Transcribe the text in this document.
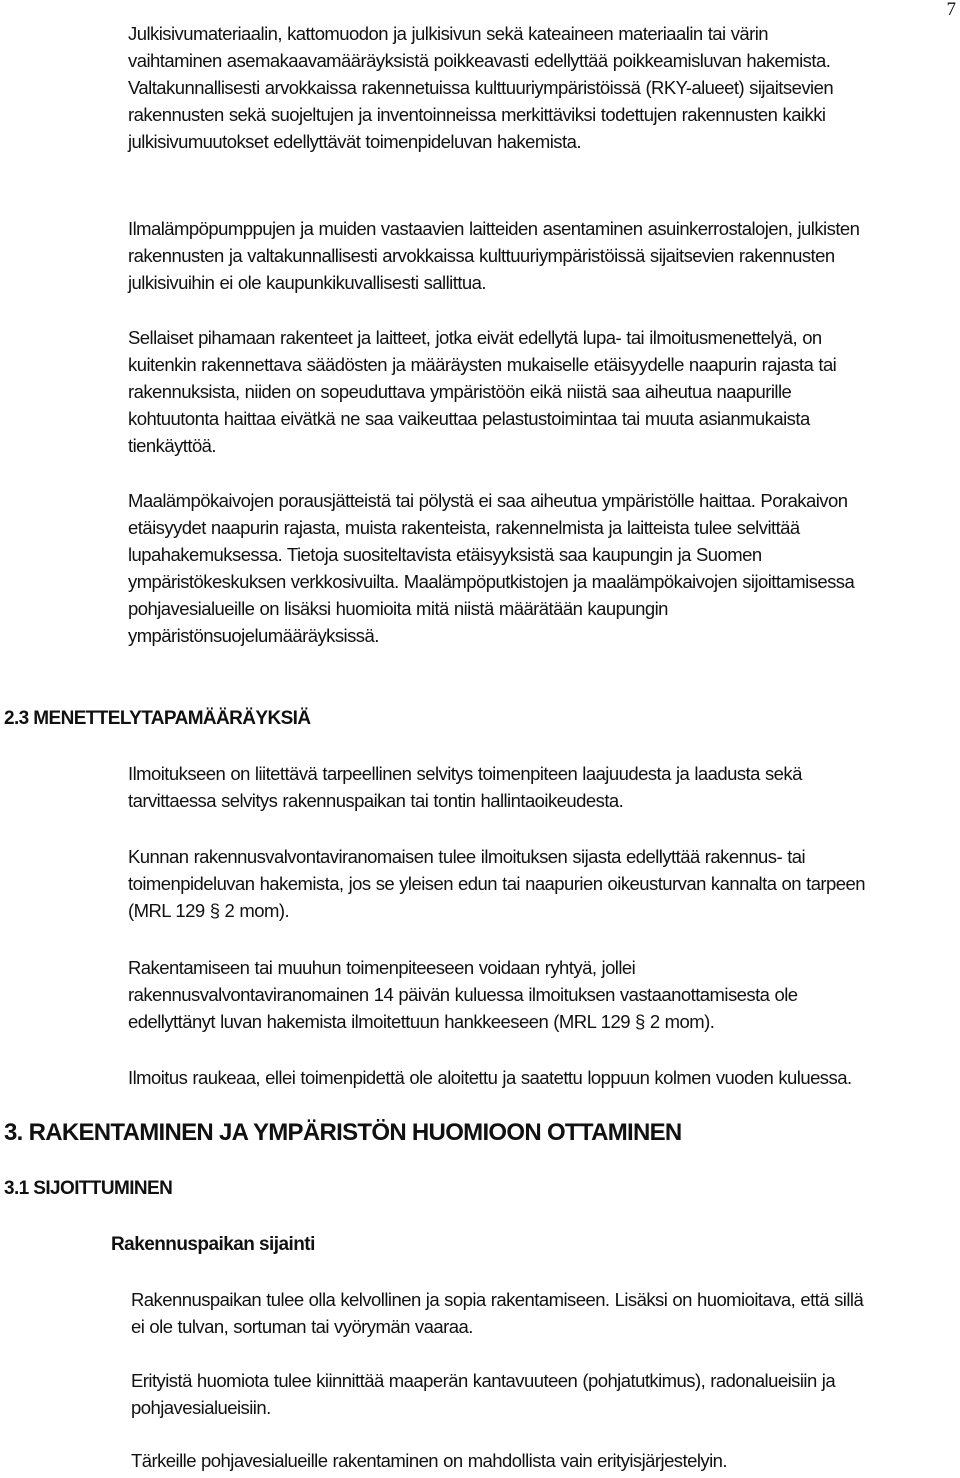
7

Julkisivumateriaalin, kattomuodon ja julkisivun sekä kateaineen materiaalin tai värin
vaihtaminen asemakaavamääräyksistä poikkeavasti edellyttää poikkeamisluvan hakemista.
Valtakunnallisesti arvokkaissa rakennetuissa kulttuuriympäristöissä (RKY-alueet) sijaitsevien
rakennusten sekä suojeltujen ja inventoinneissa merkittäviksi todettujen rakennusten kaikki
julkisivumuutokset edellyttävät toimenpideluvan hakemista.

Ilmalämpöpumppujen ja muiden vastaavien laitteiden asentaminen asuinkerrostalojen, julkisten
rakennusten ja valtakunnallisesti arvokkaissa kulttuuriympäristöissä sijaitsevien rakennusten
julkisivuihin ei ole kaupunkikuvallisesti sallittua.

Sellaiset pihamaan rakenteet ja laitteet, jotka eivät edellytä lupa- tai ilmoitusmenettelyä, on
kuitenkin rakennettava säädösten ja määräysten mukaiselle etäisyydelle naapurin rajasta tai
rakennuksista, niiden on sopeuduttava ympäristöön eikä niistä saa aiheutua naapurille
kohtuutonta haittaa eivätkä ne saa vaikeuttaa pelastustoimintaa tai muuta asianmukaista
tienkäyttöä.

Maalämpökaivojen porausjätteistä tai pölystä ei saa aiheutua ympäristölle haittaa. Porakaivon
etäisyydet naapurin rajasta, muista rakenteista, rakennelmista ja laitteista tulee selvittää
lupahakemuksessa. Tietoja suositeltavista etäisyyksistä saa kaupungin ja Suomen
ympäristökeskuksen verkkosivuilta. Maalämpöputkistojen ja maalämpökaivojen sijoittamisessa
pohjavesialueille on lisäksi huomioita mitä niistä määrätään kaupungin
ympäristönsuojelumääräyksissä.

2.3 MENETTELYTAPAMÄÄRÄYKSIÄ

Ilmoitukseen on liitettävä tarpeellinen selvitys toimenpiteen laajuudesta ja laadusta sekä
tarvittaessa selvitys rakennuspaikan tai tontin hallintaoikeudesta.

Kunnan rakennusvalvontaviranomaisen tulee ilmoituksen sijasta edellyttää rakennus- tai
toimenpideluvan hakemista, jos se yleisen edun tai naapurien oikeusturvan kannalta on tarpeen
(MRL 129 § 2 mom).

Rakentamiseen tai muuhun toimenpiteeseen voidaan ryhtyä, jollei
rakennusvalvontaviranomainen 14 päivän kuluessa ilmoituksen vastaanottamisesta ole
edellyttänyt luvan hakemista ilmoitettuun hankkeeseen (MRL 129 § 2 mom).

Ilmoitus raukeaa, ellei toimenpidettä ole aloitettu ja saatettu loppuun kolmen vuoden kuluessa.

3. RAKENTAMINEN JA YMPÄRISTÖN HUOMIOON OTTAMINEN
3.1 SIJOITTUMINEN
Rakennuspaikan sijainti

Rakennuspaikan tulee olla kelvollinen ja sopia rakentamiseen. Lisäksi on huomioitava, että sillä
ei ole tulvan, sortuman tai vyörymän vaaraa.

Erityistä huomiota tulee kiinnittää maaperän kantavuuteen (pohjatutkimus), radonalueisiin ja
pohjavesialueisiin.

Tärkeille pohjavesialueille rakentaminen on mahdollista vain erityisjärjestelyin.
